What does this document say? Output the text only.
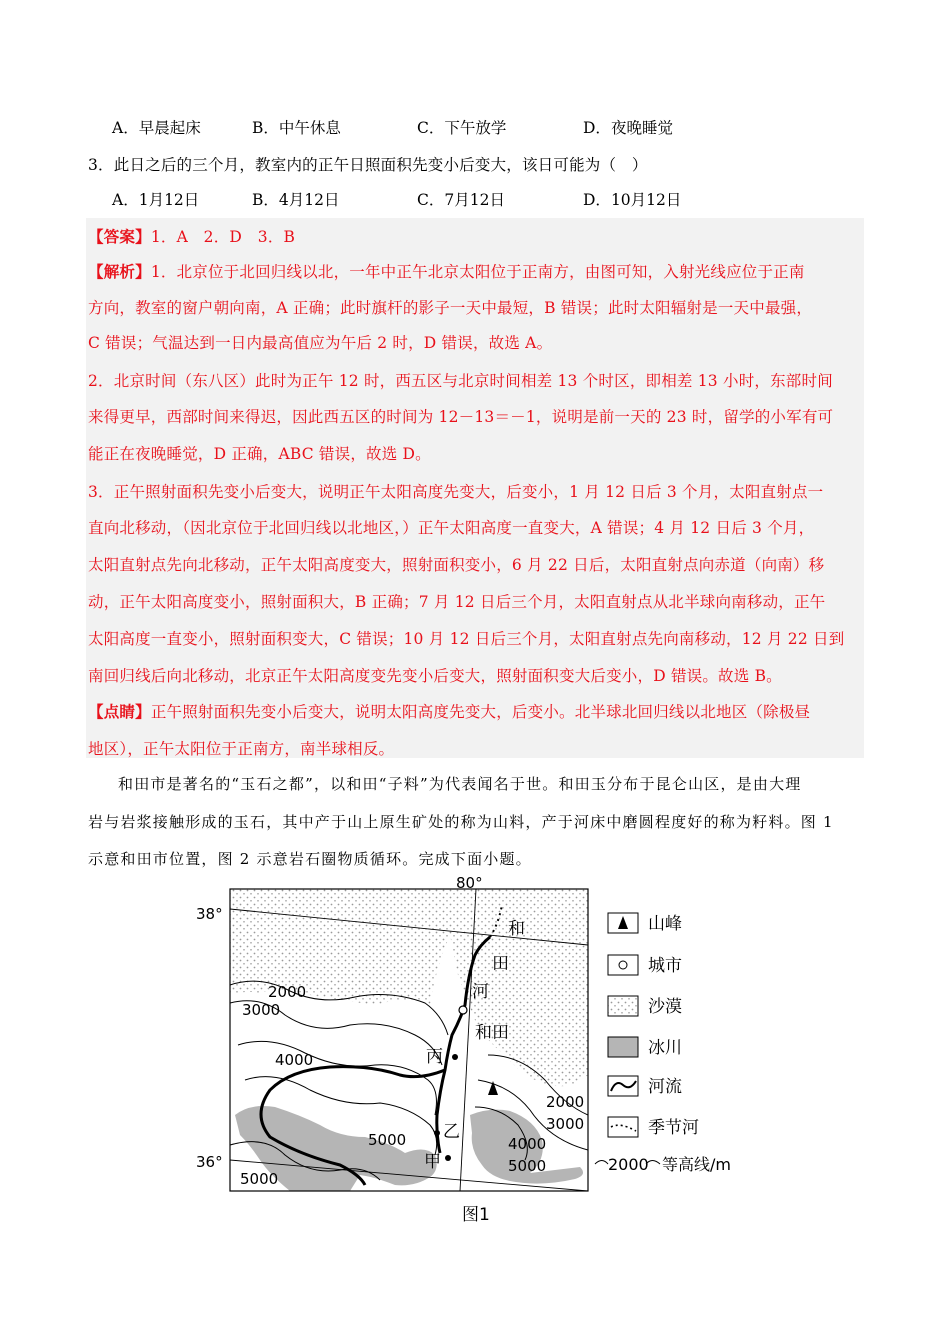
A．早晨起床	B．中午休息	C．下午放学	D．夜晚睡觉
3．此日之后的三个月，教室内的正午日照面积先变小后变大，该日可能为（　）
A．1月12日	B．4月12日	C．7月12日	D．10月12日
【答案】1．A　2．D　3．B
【解析】1．北京位于北回归线以北，一年中正午北京太阳位于正南方，由图可知，入射光线应位于正南
方向，教室的窗户朝向南，A 正确；此时旗杆的影子一天中最短，B 错误；此时太阳辐射是一天中最强，
C 错误；气温达到一日内最高值应为午后 2 时，D 错误，故选 A。
2．北京时间（东八区）此时为正午 12 时，西五区与北京时间相差 13 个时区，即相差 13 小时，东部时间
来得更早，西部时间来得迟，因此西五区的时间为 12－13＝－1，说明是前一天的 23 时，留学的小军有可
能正在夜晚睡觉，D 正确，ABC 错误，故选 D。
3．正午照射面积先变小后变大，说明正午太阳高度先变大，后变小，1 月 12 日后 3 个月，太阳直射点一
直向北移动，（因北京位于北回归线以北地区，）正午太阳高度一直变大，A 错误；4 月 12 日后 3 个月，
太阳直射点先向北移动，正午太阳高度变大，照射面积变小，6 月 22 日后，太阳直射点向赤道（向南）移
动，正午太阳高度变小，照射面积大，B 正确；7 月 12 日后三个月，太阳直射点从北半球向南移动，正午
太阳高度一直变小，照射面积变大，C 错误；10 月 12 日后三个月，太阳直射点先向南移动，12 月 22 日到
南回归线后向北移动，北京正午太阳高度变先变小后变大，照射面积变大后变小，D 错误。故选 B。
【点睛】正午照射面积先变小后变大，说明太阳高度先变大，后变小。北半球北回归线以北地区（除极昼
地区），正午太阳位于正南方，南半球相反。
和田市是著名的“玉石之都”，以和田“子料”为代表闻名于世。和田玉分布于昆仑山区，是由大理
岩与岩浆接触形成的玉石，其中产于山上原生矿处的称为山料，产于河床中磨圆程度好的称为籽料。图 1
示意和田市位置，图 2 示意岩石圈物质循环。完成下面小题。
80°
38°
36°
和
田
河
和田
丙
乙
甲
2000
3000
4000
2000
3000
5000	4000
5000
5000
山峰
城市
沙漠
冰川
河流
季节河
2000 等高线/m
图1
